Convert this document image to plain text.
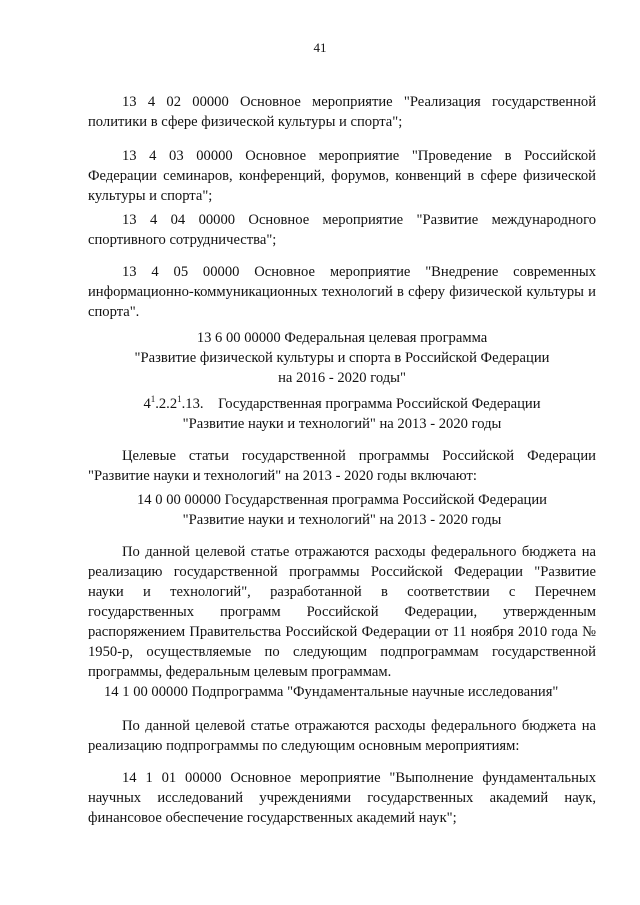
41

13 4 02 00000 Основное мероприятие "Реализация государственной политики в сфере физической культуры и спорта";

13 4 03 00000 Основное мероприятие "Проведение в Российской Федерации семинаров, конференций, форумов, конвенций в сфере физической культуры и спорта";

13 4 04 00000 Основное мероприятие "Развитие международного спортивного сотрудничества";

13 4 05 00000 Основное мероприятие "Внедрение современных информационно-коммуникационных технологий в сферу физической культуры и спорта".

13 6 00 00000 Федеральная целевая программа
"Развитие физической культуры и спорта в Российской Федерации
на 2016 - 2020 годы"
$4^1.2.2^1.13$. Государственная программа Российской Федерации
"Развитие науки и технологий" на 2013 - 2020 годы

Целевые статьи государственной программы Российской Федерации "Развитие науки и технологий" на 2013 - 2020 годы включают:

14 0 00 00000 Государственная программа Российской Федерации
"Развитие науки и технологий" на 2013 - 2020 годы

По данной целевой статье отражаются расходы федерального бюджета на реализацию государственной программы Российской Федерации "Развитие науки и технологий", разработанной в соответствии с Перечнем государственных программ Российской Федерации, утвержденным распоряжением Правительства Российской Федерации от 11 ноября 2010 года № 1950-р, осуществляемые по следующим подпрограммам государственной программы, федеральным целевым программам.

14 1 00 00000 Подпрограмма "Фундаментальные научные исследования"

По данной целевой статье отражаются расходы федерального бюджета на реализацию подпрограммы по следующим основным мероприятиям:

14 1 01 00000 Основное мероприятие "Выполнение фундаментальных научных исследований учреждениями государственных академий наук, финансовое обеспечение государственных академий наук";
